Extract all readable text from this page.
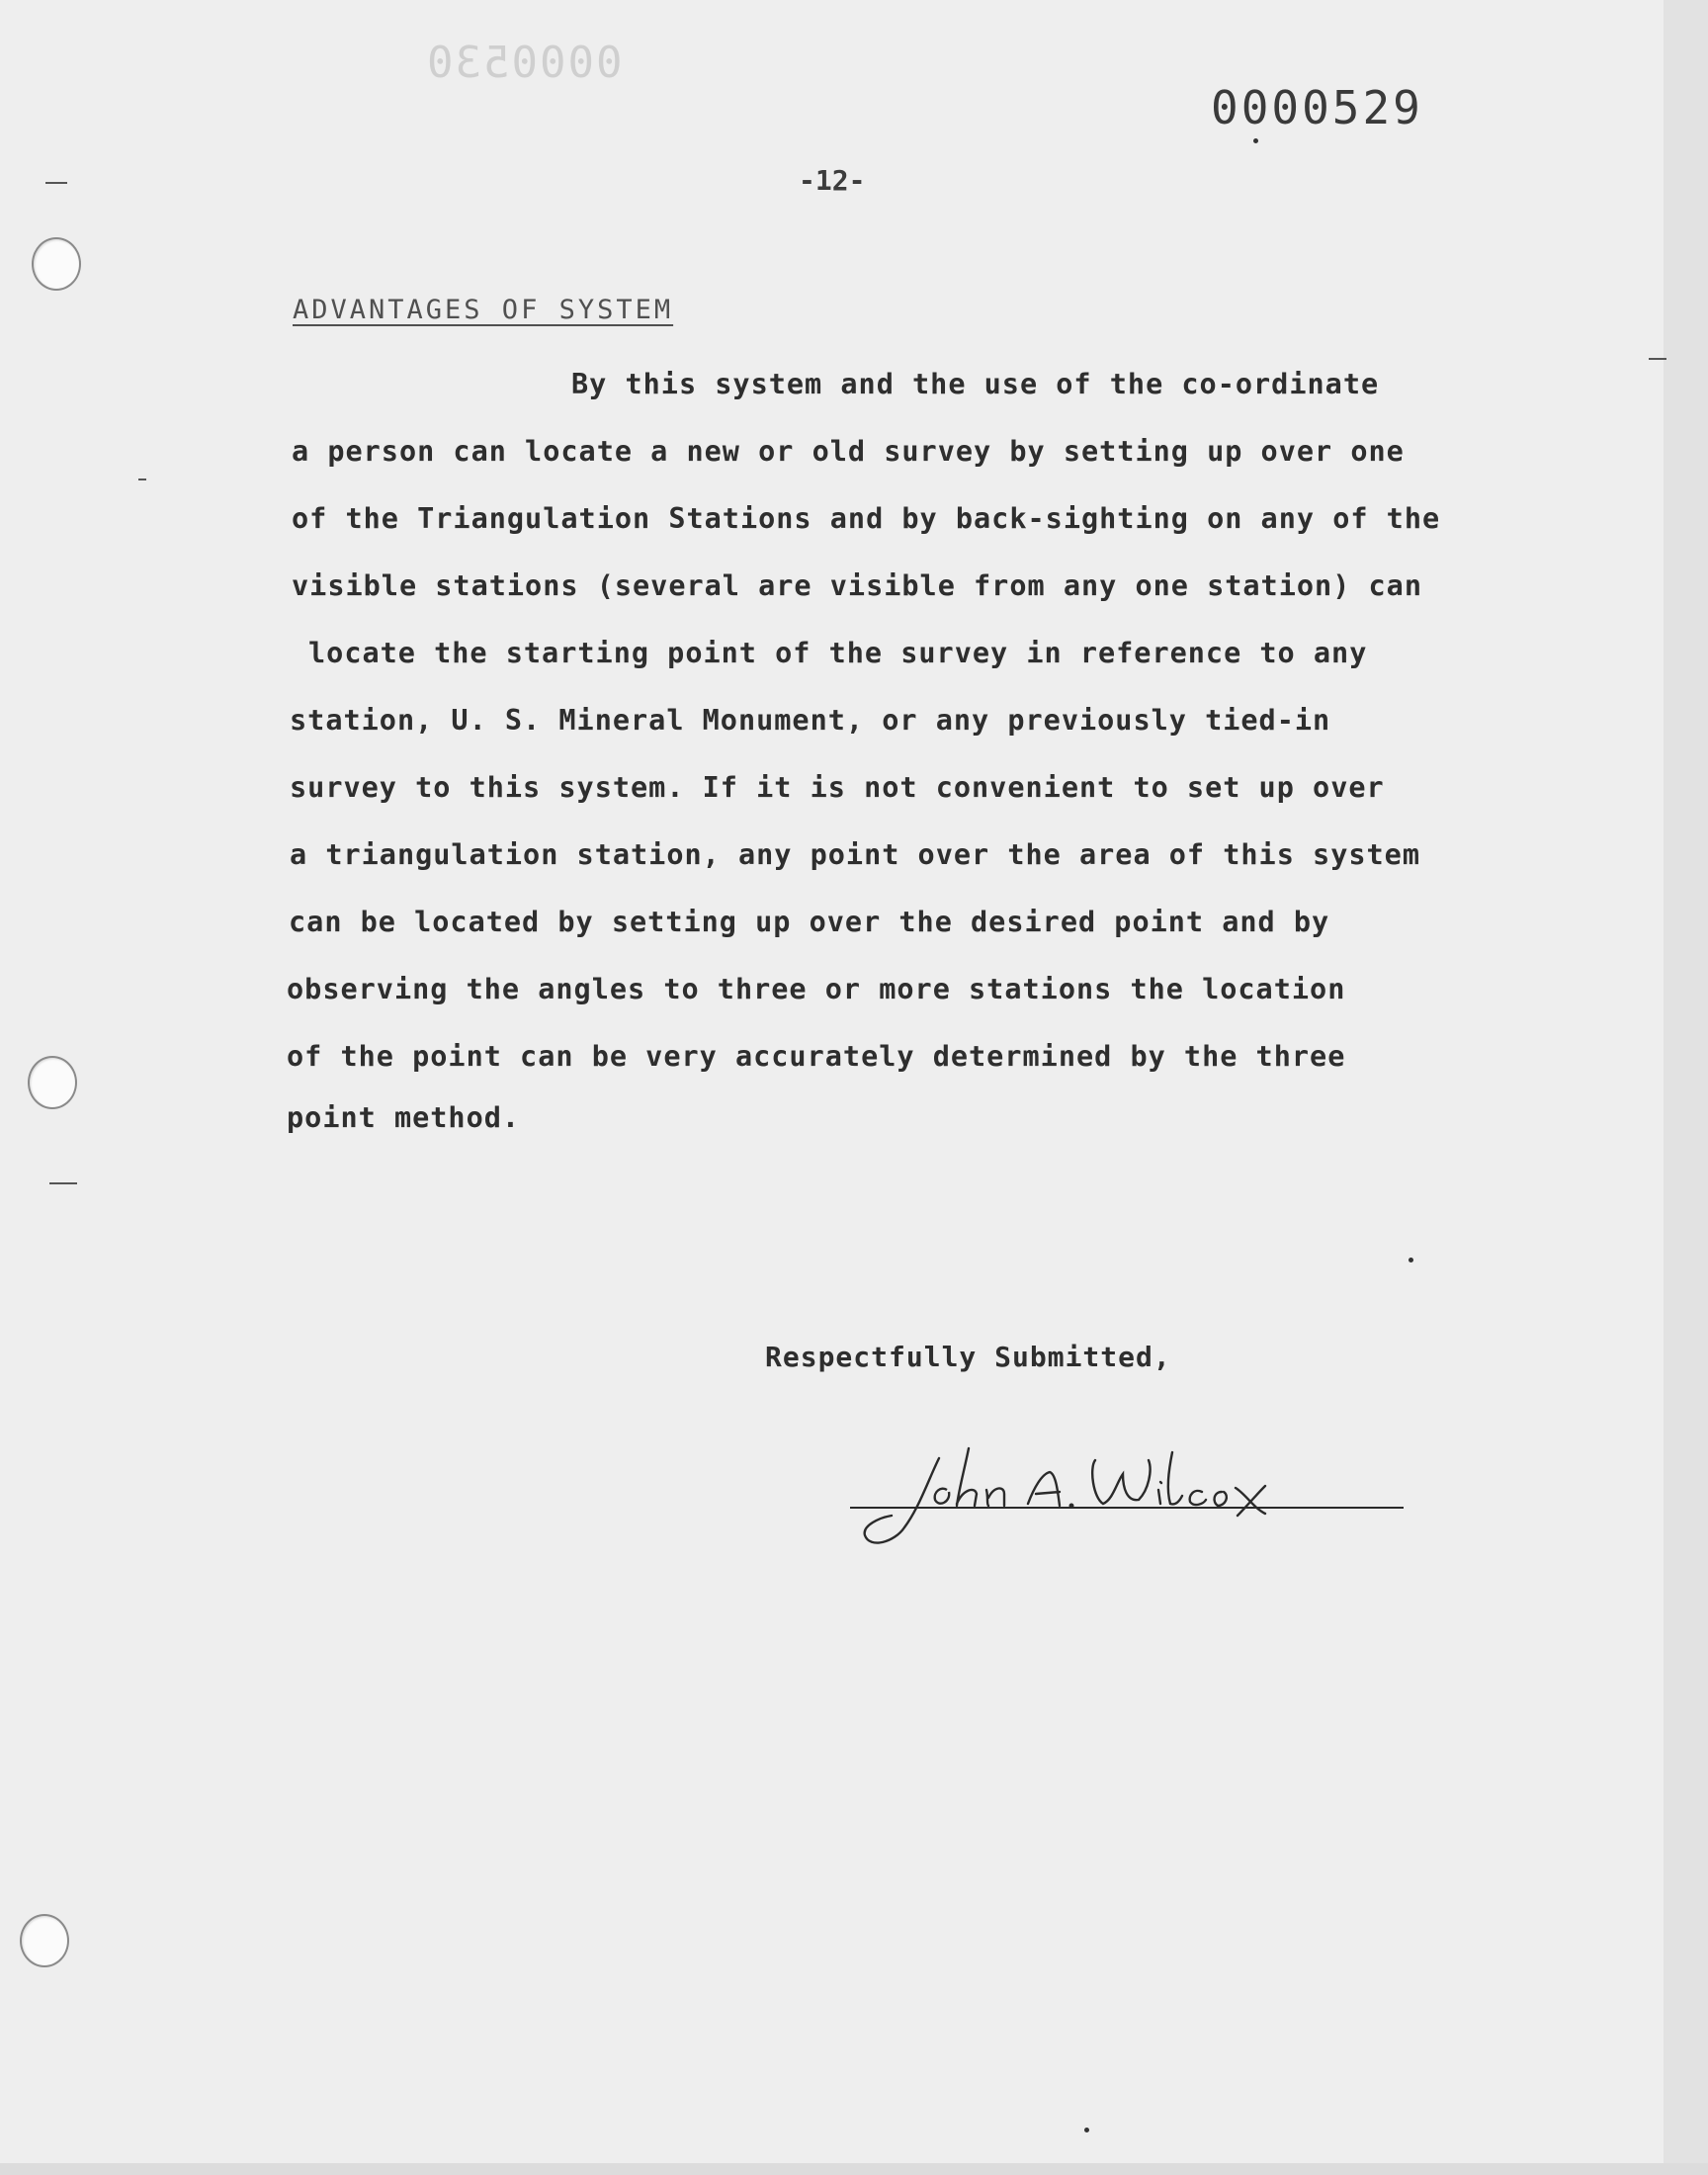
0000530
0000529
-12-
ADVANTAGES OF SYSTEM
By this system and the use of the co-ordinate
a person can locate a new or old survey by setting up over one
of the Triangulation Stations and by back-sighting on any of the
visible stations (several are visible from any one station) can
locate the starting point of the survey in reference to any
station, U. S. Mineral Monument, or any previously tied-in
survey to this system. If it is not convenient to set up over
a triangulation station, any point over the area of this system
can be located by setting up over the desired point and by
observing the angles to three or more stations the location
of the point can be very accurately determined by the three
point method.
Respectfully Submitted,
